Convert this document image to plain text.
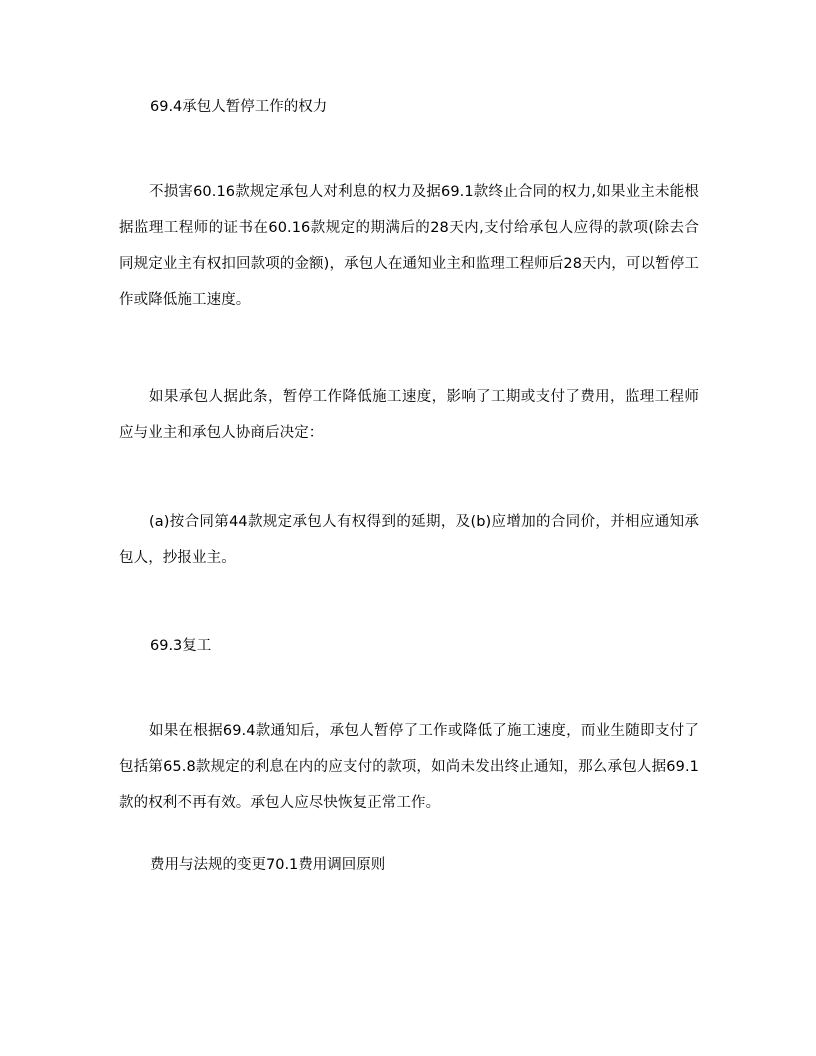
69.4承包人暂停工作的权力

不损害60.16款规定承包人对利息的权力及据69.1款终止合同的权力,如果业主未能根据监理工程师的证书在60.16款规定的期满后的28天内,支付给承包人应得的款项(除去合同规定业主有权扣回款项的金额)，承包人在通知业主和监理工程师后28天内，可以暂停工作或降低施工速度。

如果承包人据此条，暂停工作降低施工速度，影响了工期或支付了费用，监理工程师应与业主和承包人协商后决定：

(a)按合同第44款规定承包人有权得到的延期，及(b)应增加的合同价，并相应通知承包人，抄报业主。

69.3复工

如果在根据69.4款通知后，承包人暂停了工作或降低了施工速度，而业生随即支付了包括第65.8款规定的利息在内的应支付的款项，如尚未发出终止通知，那么承包人据69.1款的权利不再有效。承包人应尽快恢复正常工作。

费用与法规的变更70.1费用调回原则
